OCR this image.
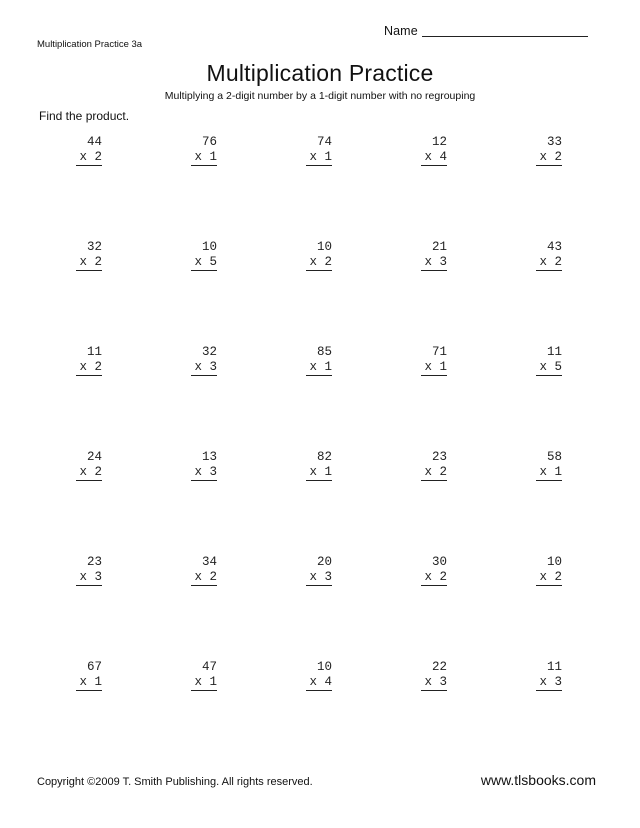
Name
Multiplication Practice 3a
Multiplication Practice
Multiplying a 2-digit number by a 1-digit number with no regrouping
Find the product.
44
x 2
76
x 1
74
x 1
12
x 4
33
x 2
32
x 2
10
x 5
10
x 2
21
x 3
43
x 2
11
x 2
32
x 3
85
x 1
71
x 1
11
x 5
24
x 2
13
x 3
82
x 1
23
x 2
58
x 1
23
x 3
34
x 2
20
x 3
30
x 2
10
x 2
67
x 1
47
x 1
10
x 4
22
x 3
11
x 3
Copyright ©2009 T. Smith Publishing. All rights reserved.	www.tlsbooks.com
